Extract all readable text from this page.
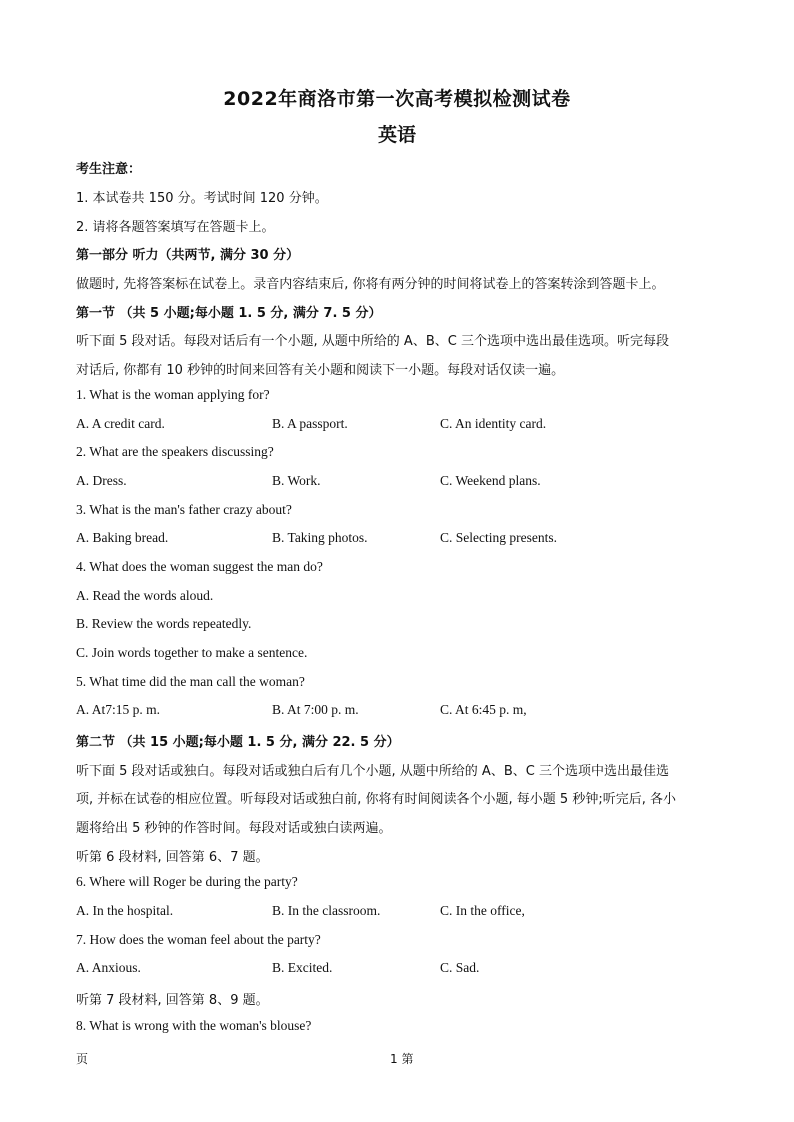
2022年商洛市第一次高考模拟检测试卷
英语
考生注意：
1. 本试卷共 150 分。考试时间 120 分钟。
2. 请将各题答案填写在答题卡上。
第一部分 听力（共两节, 满分 30 分）
做题时, 先将答案标在试卷上。录音内容结束后, 你将有两分钟的时间将试卷上的答案转涂到答题卡上。
第一节 （共 5 小题;每小题 1. 5 分, 满分 7. 5 分）
听下面 5 段对话。每段对话后有一个小题, 从题中所给的 A、B、C 三个选项中选出最佳选项。听完每段
对话后, 你都有 10 秒钟的时间来回答有关小题和阅读下一小题。每段对话仅读一遍。
1. What is the woman applying for?
A. A credit card.	B. A passport.	C. An identity card.
2. What are the speakers discussing?
A. Dress.	B. Work.	C. Weekend plans.
3. What is the man's father crazy about?
A. Baking bread.	B. Taking photos.	C. Selecting presents.
4. What does the woman suggest the man do?
A. Read the words aloud.
B. Review the words repeatedly.
C. Join words together to make a sentence.
5. What time did the man call the woman?
A. At7:15 p. m.	B. At 7:00 p. m.	C. At 6:45 p. m,
第二节 （共 15 小题;每小题 1. 5 分, 满分 22. 5 分）
听下面 5 段对话或独白。每段对话或独白后有几个小题, 从题中所给的 A、B、C 三个选项中选出最佳选
项, 并标在试卷的相应位置。听每段对话或独白前, 你将有时间阅读各个小题, 每小题 5 秒钟;听完后, 各小
题将给出 5 秒钟的作答时间。每段对话或独白读两遍。
听第 6 段材料, 回答第 6、7 题。
6. Where will Roger be during the party?
A. In the hospital.	B. In the classroom.	C. In the office,
7. How does the woman feel about the party?
A. Anxious.	B. Excited.	C. Sad.
听第 7 段材料, 回答第 8、9 题。
8. What is wrong with the woman's blouse?
页	1 第
